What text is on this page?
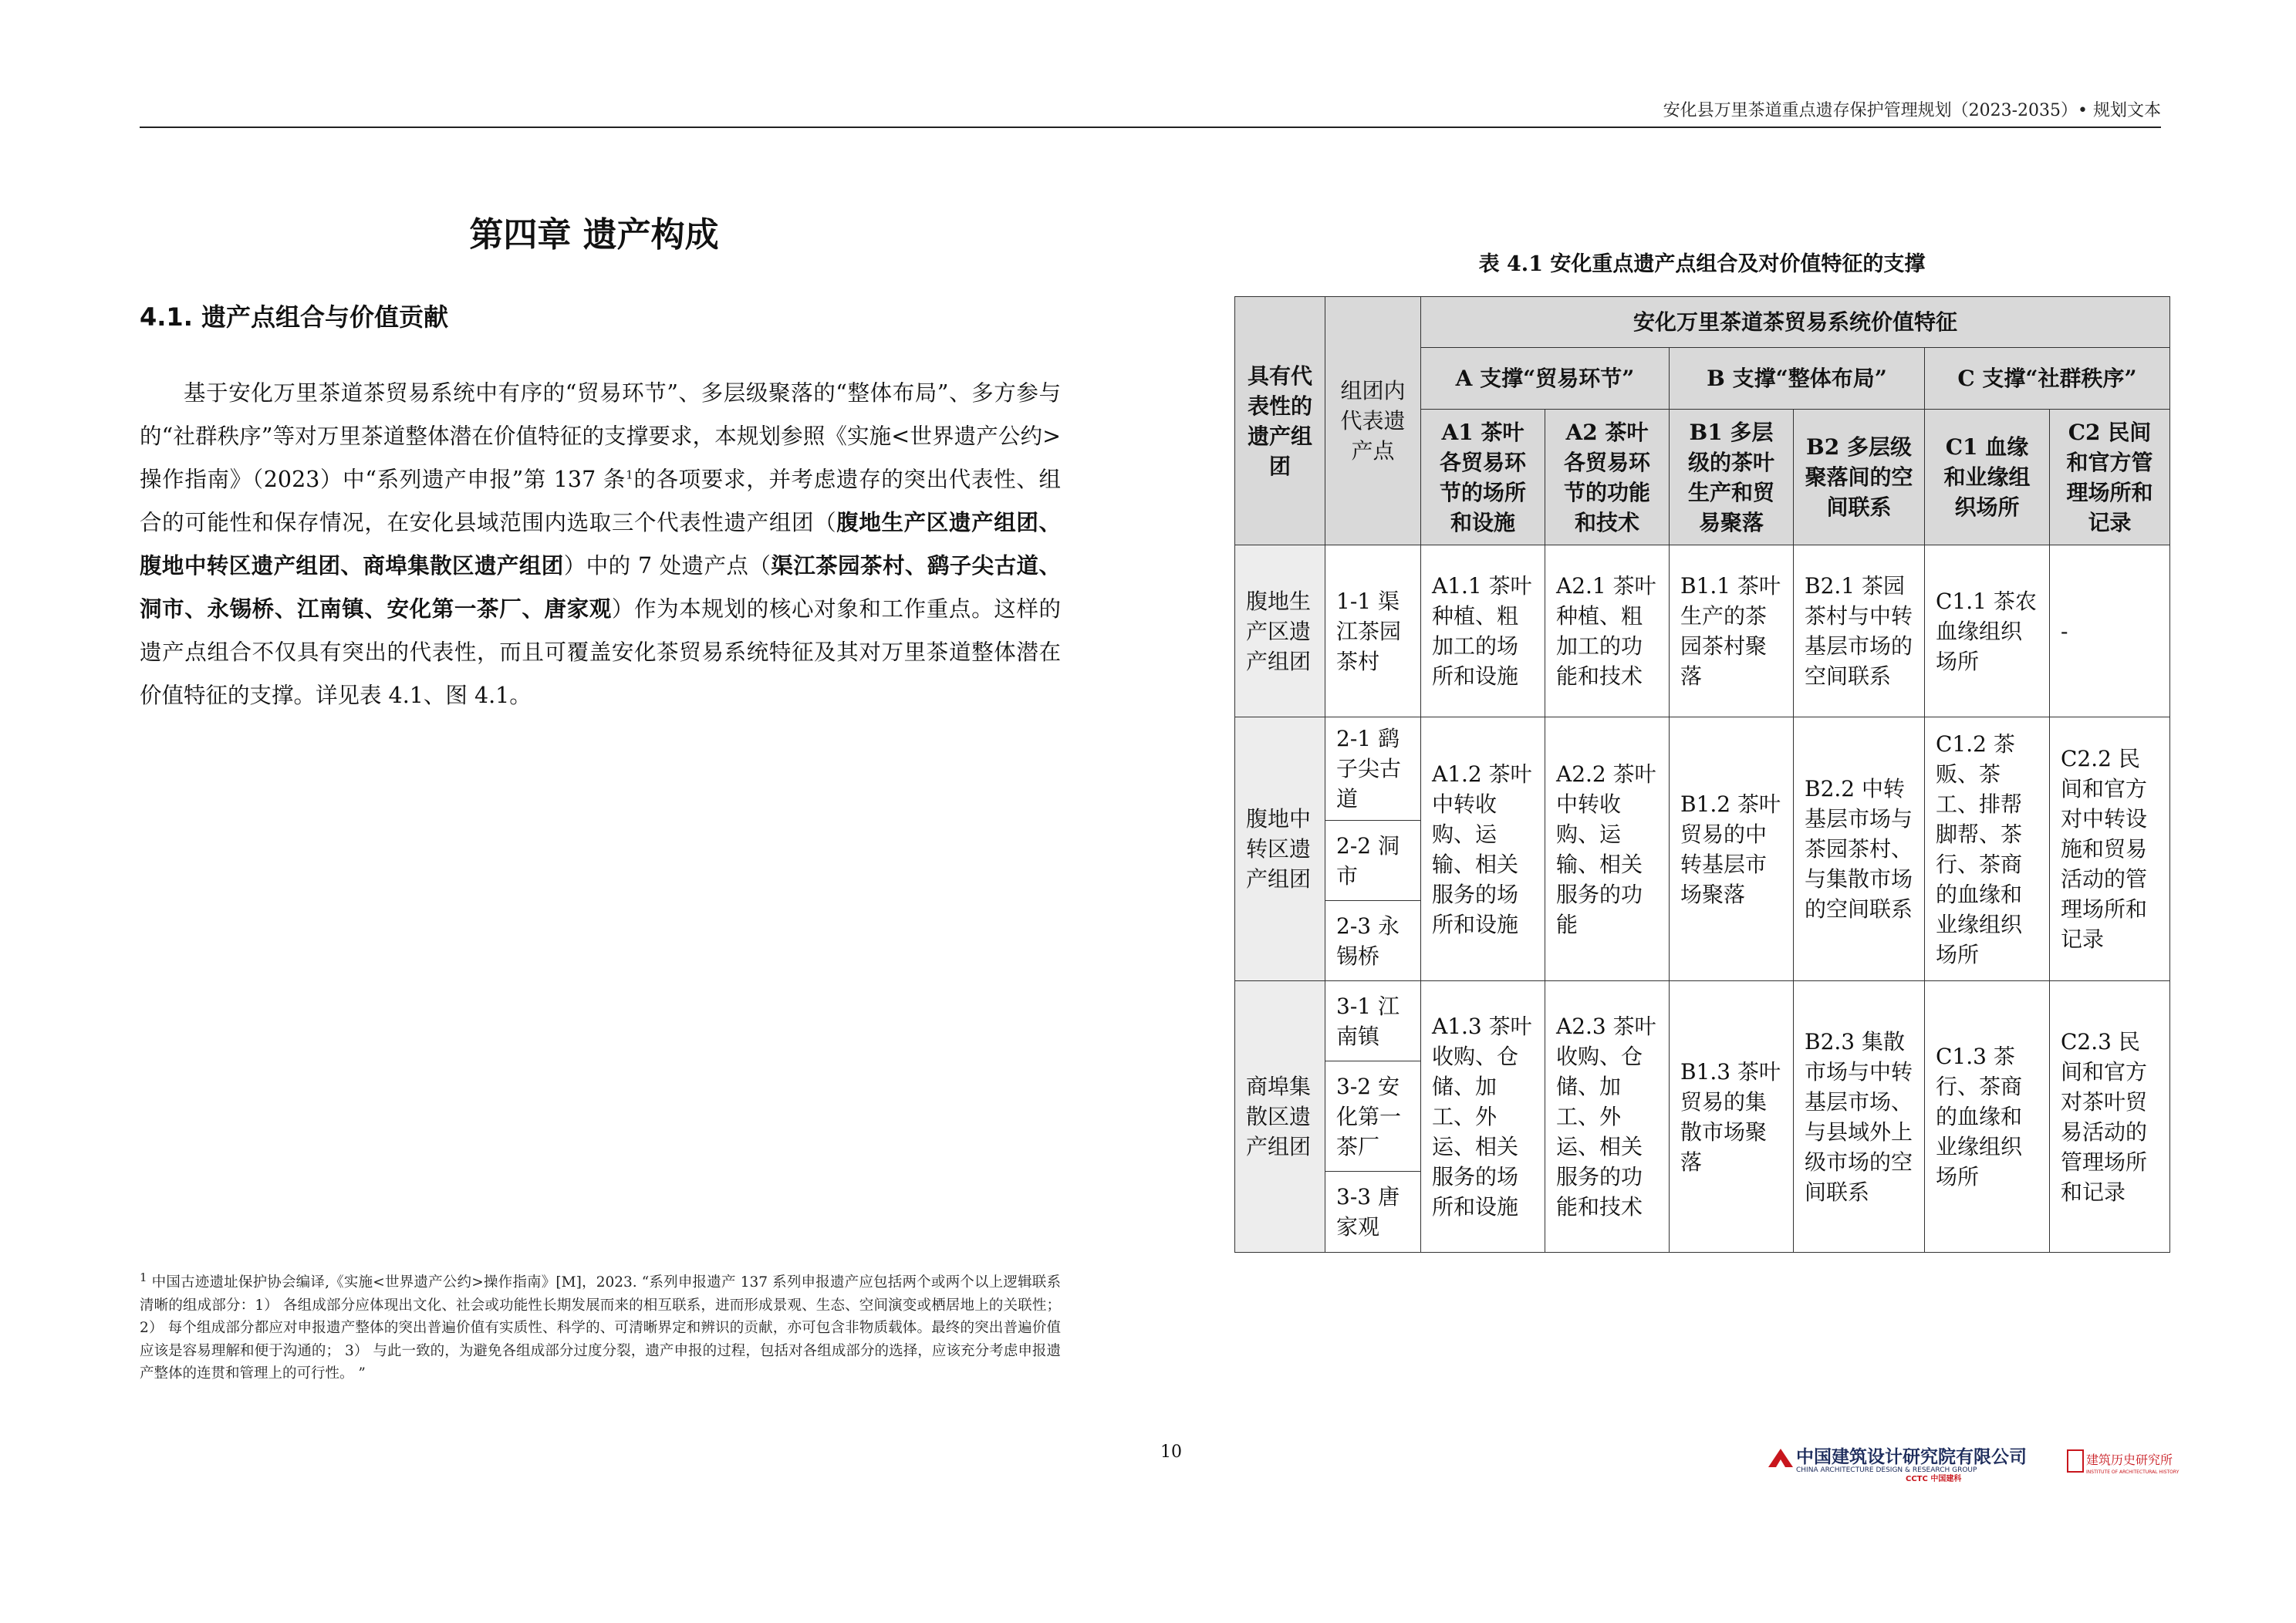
安化县万里茶道重点遗存保护管理规划（2023-2035）• 规划文本
第四章 遗产构成
4.1. 遗产点组合与价值贡献

基于安化万里茶道茶贸易系统中有序的“贸易环节”、多层级聚落的“整体布局”、多方参与的“社群秩序”等对万里茶道整体潜在价值特征的支撑要求，本规划参照《实施<世界遗产公约>操作指南》（2023）中“系列遗产申报”第 137 条$^1$的各项要求，并考虑遗存的突出代表性、组合的可能性和保存情况，在安化县域范围内选取三个代表性遗产组团（腹地生产区遗产组团、腹地中转区遗产组团、商埠集散区遗产组团）中的 7 处遗产点（渠江茶园茶村、鹞子尖古道、洞市、永锡桥、江南镇、安化第一茶厂、唐家观）作为本规划的核心对象和工作重点。这样的遗产点组合不仅具有突出的代表性，而且可覆盖安化茶贸易系统特征及其对万里茶道整体潜在价值特征的支撑。详见表 4.1、图 4.1。

$^1$ 中国古迹遗址保护协会编译,《实施<世界遗产公约>操作指南》[M]，2023. “系列申报遗产 137 系列申报遗产应包括两个或两个以上逻辑联系清晰的组成部分：1） 各组成部分应体现出文化、社会或功能性长期发展而来的相互联系，进而形成景观、生态、空间演变或栖居地上的关联性； 2） 每个组成部分都应对申报遗产整体的突出普遍价值有实质性、科学的、可清晰界定和辨识的贡献，亦可包含非物质载体。最终的突出普遍价值应该是容易理解和便于沟通的； 3） 与此一致的，为避免各组成部分过度分裂，遗产申报的过程，包括对各组成部分的选择，应该充分考虑申报遗产整体的连贯和管理上的可行性。 ”

10
表 4.1 安化重点遗产点组合及对价值特征的支撑
具有代表性的遗产组团	组团内代表遗产点	安化万里茶道茶贸易系统价值特征					
		A 支撑“贸易环节”		B 支撑“整体布局”		C 支撑“社群秩序”	
		A1 茶叶各贸易环节的场所和设施	A2 茶叶各贸易环节的功能和技术	B1 多层级的茶叶生产和贸易聚落	B2 多层级聚落间的空间联系	C1 血缘和业缘组织场所	C2 民间和官方管理场所和记录
腹地生产区遗产组团	1-1 渠江茶园茶村	A1.1 茶叶种植、粗加工的场所和设施	A2.1 茶叶种植、粗加工的功能和技术	B1.1 茶叶生产的茶园茶村聚落	B2.1 茶园茶村与中转基层市场的空间联系	C1.1 茶农血缘组织场所	-
腹地中转区遗产组团	2-1 鹞子尖古道	A1.2 茶叶中转收购、运输、相关服务的场所和设施	A2.2 茶叶中转收购、运输、相关服务的功能	B1.2 茶叶贸易的中转基层市场聚落	B2.2 中转基层市场与茶园茶村、与集散市场的空间联系	C1.2 茶贩、茶工、排帮脚帮、茶行、茶商的血缘和业缘组织场所	C2.2 民间和官方对中转设施和贸易活动的管理场所和记录
	2-2 洞市						
	2-3 永锡桥						
商埠集散区遗产组团	3-1 江南镇	A1.3 茶叶收购、仓储、加工、外运、相关服务的场所和设施	A2.3 茶叶收购、仓储、加工、外运、相关服务的功能和技术	B1.3 茶叶贸易的集散市场聚落	B2.3 集散市场与中转基层市场、与县域外上级市场的空间联系	C1.3 茶行、茶商的血缘和业缘组织场所	C2.3 民间和官方对茶叶贸易活动的管理场所和记录
	3-2 安化第一茶厂						
	3-3 唐家观						
中国建筑设计研究院有限公司
CHINA ARCHITECTURE DESIGN & RESEARCH GROUP
CCTC 中国建科
建筑历史研究所
INSTITUTE OF ARCHITECTURAL HISTORY
